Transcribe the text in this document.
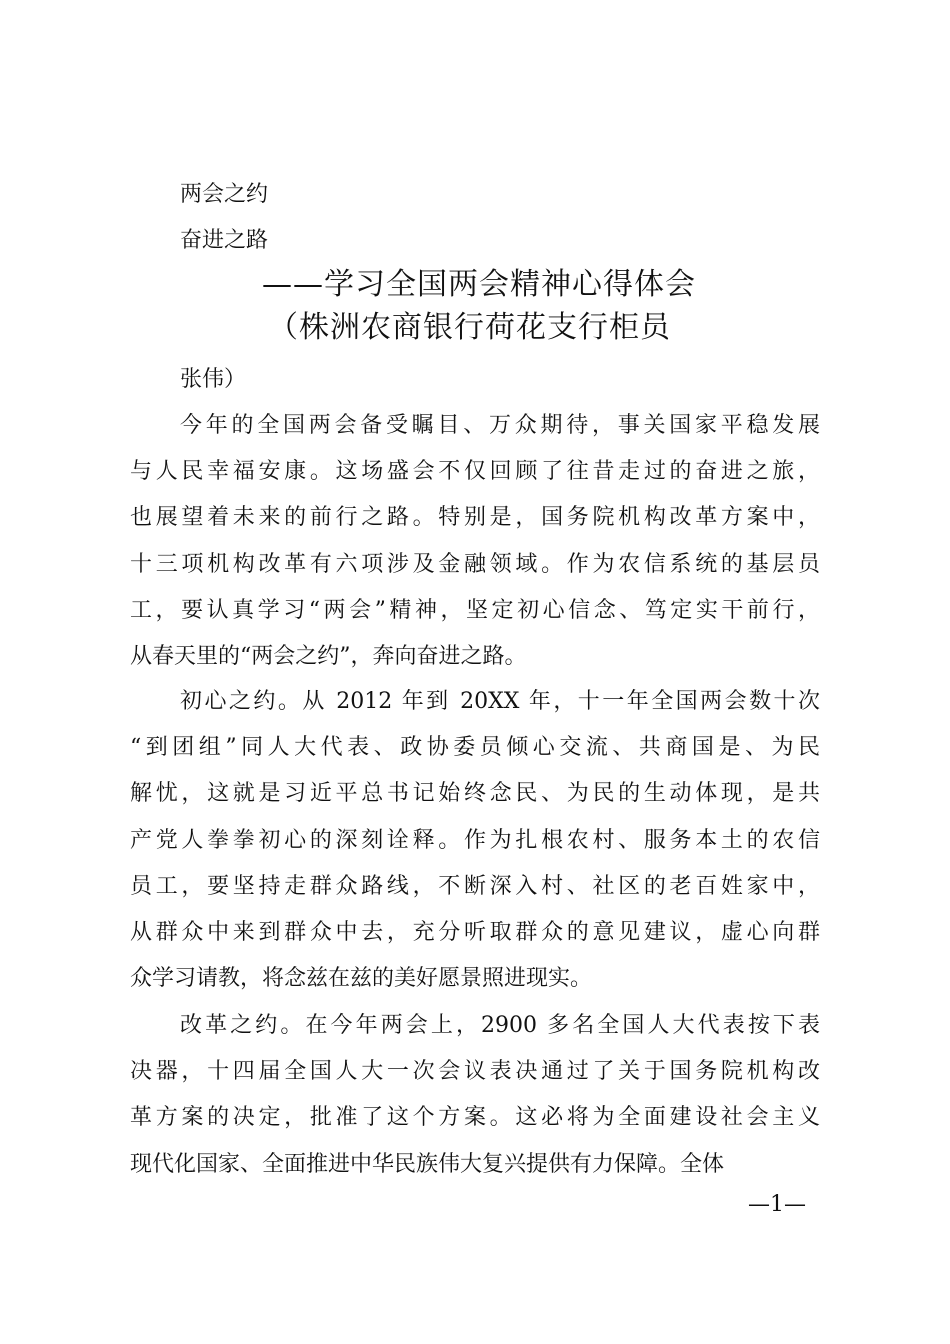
两会之约
奋进之路
——学习全国两会精神心得体会
（株洲农商银行荷花支行柜员
张伟）
今年的全国两会备受瞩目、万众期待，事关国家平稳发展
与人民幸福安康。这场盛会不仅回顾了往昔走过的奋进之旅，
也展望着未来的前行之路。特别是，国务院机构改革方案中，
十三项机构改革有六项涉及金融领域。作为农信系统的基层员
工，要认真学习“两会”精神，坚定初心信念、笃定实干前行，
从春天里的“两会之约”，奔向奋进之路。
初心之约。从 2012 年到 20XX 年，十一年全国两会数十次
“到团组”同人大代表、政协委员倾心交流、共商国是、为民
解忧，这就是习近平总书记始终念民、为民的生动体现，是共
产党人拳拳初心的深刻诠释。作为扎根农村、服务本土的农信
员工，要坚持走群众路线，不断深入村、社区的老百姓家中，
从群众中来到群众中去，充分听取群众的意见建议，虚心向群
众学习请教，将念兹在兹的美好愿景照进现实。
改革之约。在今年两会上，2900 多名全国人大代表按下表
决器，十四届全国人大一次会议表决通过了关于国务院机构改
革方案的决定，批准了这个方案。这必将为全面建设社会主义
现代化国家、全面推进中华民族伟大复兴提供有力保障。全体
—1—
